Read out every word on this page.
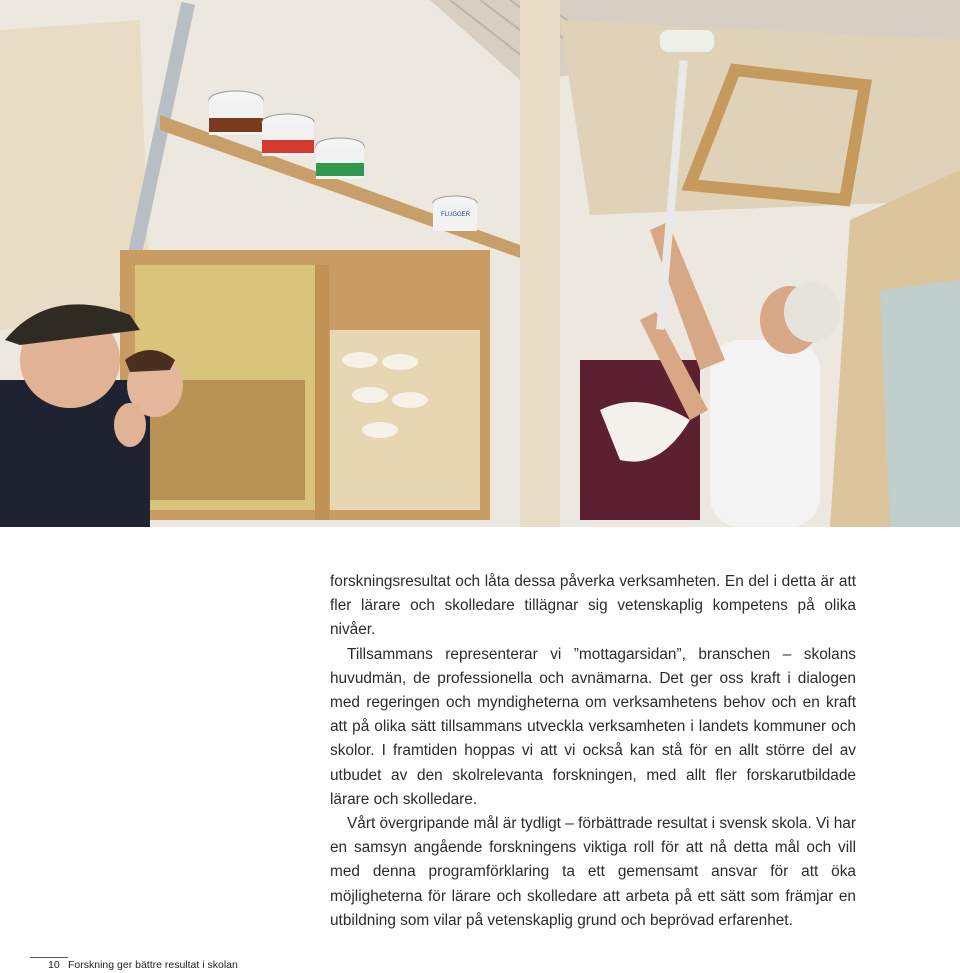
FLUGGER

forskningsresultat och låta dessa påverka verksamheten. En del i detta är att fler lärare och skolledare tillägnar sig vetenskaplig kompetens på olika nivåer.

Tillsammans representerar vi ”mottagarsidan”, branschen – skolans huvudmän, de professionella och avnämarna. Det ger oss kraft i dialogen med regeringen och myndigheterna om verksamhetens behov och en kraft att på olika sätt tillsammans utveckla verksamheten i landets kommuner och skolor. I framtiden hoppas vi att vi också kan stå för en allt större del av utbudet av den skolrelevanta forskningen, med allt fler forskarutbildade lärare och skolledare.

Vårt övergripande mål är tydligt – förbättrade resultat i svensk skola. Vi har en samsyn angående forskningens viktiga roll för att nå detta mål och vill med denna programförklaring ta ett gemensamt ansvar för att öka möjligheterna för lärare och skolledare att arbeta på ett sätt som främjar en utbildning som vilar på vetenskaplig grund och beprövad erfarenhet.

10 Forskning ger bättre resultat i skolan
